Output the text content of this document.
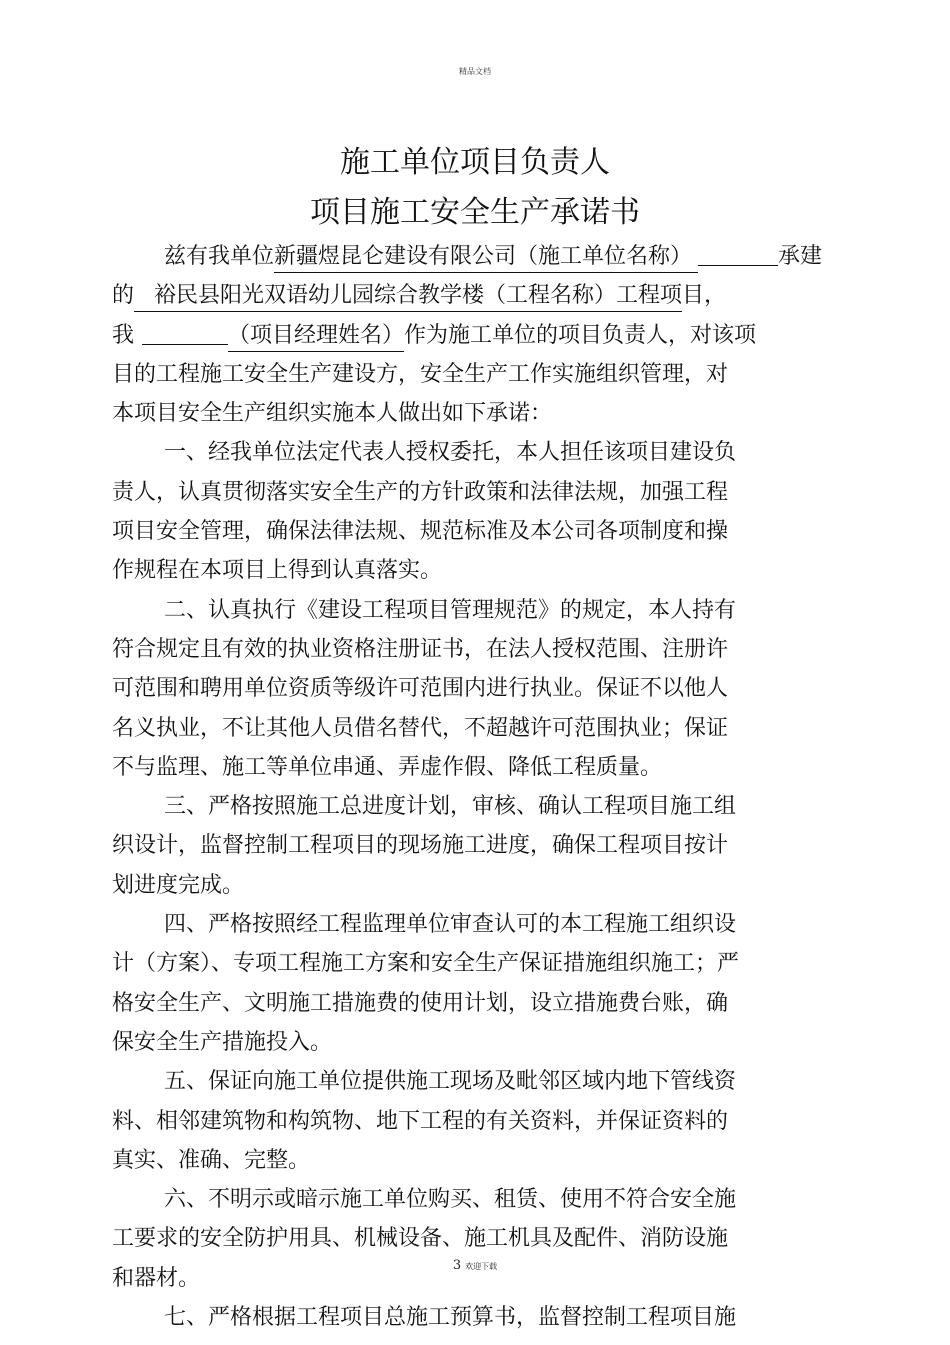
精品文档
施工单位项目负责人
项目施工安全生产承诺书
兹有我单位新疆煜昆仑建设有限公司（施工单位名称）	承建
的 裕民县阳光双语幼儿园综合教学楼（工程名称）工程项目，
我	（项目经理姓名）作为施工单位的项目负责人，对该项
目的工程施工安全生产建设方，安全生产工作实施组织管理，对
本项目安全生产组织实施本人做出如下承诺：
一、经我单位法定代表人授权委托，本人担任该项目建设负
责人，认真贯彻落实安全生产的方针政策和法律法规，加强工程
项目安全管理，确保法律法规、规范标准及本公司各项制度和操
作规程在本项目上得到认真落实。
二、认真执行《建设工程项目管理规范》的规定，本人持有
符合规定且有效的执业资格注册证书，在法人授权范围、注册许
可范围和聘用单位资质等级许可范围内进行执业。保证不以他人
名义执业，不让其他人员借名替代，不超越许可范围执业；保证
不与监理、施工等单位串通、弄虚作假、降低工程质量。
三、严格按照施工总进度计划，审核、确认工程项目施工组
织设计，监督控制工程项目的现场施工进度，确保工程项目按计
划进度完成。
四、严格按照经工程监理单位审查认可的本工程施工组织设
计（方案）、专项工程施工方案和安全生产保证措施组织施工；严
格安全生产、文明施工措施费的使用计划，设立措施费台账，确
保安全生产措施投入。
五、保证向施工单位提供施工现场及毗邻区域内地下管线资
料、相邻建筑物和构筑物、地下工程的有关资料，并保证资料的
真实、准确、完整。
六、不明示或暗示施工单位购买、租赁、使用不符合安全施
工要求的安全防护用具、机械设备、施工机具及配件、消防设施
和器材。
七、严格根据工程项目总施工预算书，监督控制工程项目施
3 欢迎下载
